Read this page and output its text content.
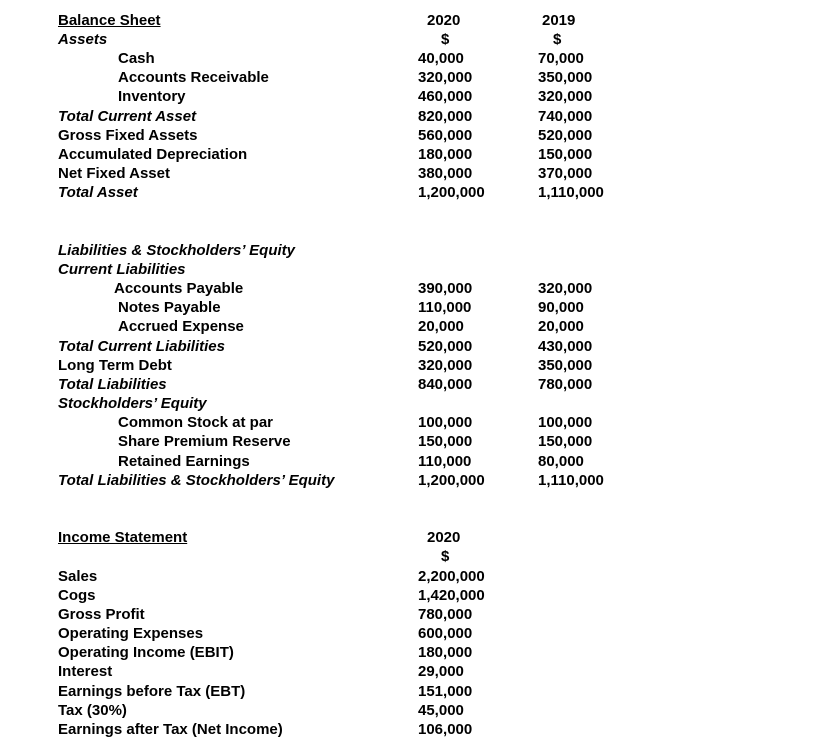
Balance Sheet	2020	2019
Assets	$	$
Cash	40,000	70,000
Accounts Receivable	320,000	350,000
Inventory	460,000	320,000
Total Current Asset	820,000	740,000
Gross Fixed Assets	560,000	520,000
Accumulated Depreciation	180,000	150,000
Net Fixed Asset	380,000	370,000
Total Asset	1,200,000	1,110,000
Liabilities & Stockholders’ Equity
Current Liabilities
Accounts Payable	390,000	320,000
Notes Payable	110,000	90,000
Accrued Expense	20,000	20,000
Total Current Liabilities	520,000	430,000
Long Term Debt	320,000	350,000
Total Liabilities	840,000	780,000
Stockholders’ Equity
Common Stock at par	100,000	100,000
Share Premium Reserve	150,000	150,000
Retained Earnings	110,000	80,000
Total Liabilities & Stockholders’ Equity	1,200,000	1,110,000
Income Statement	2020
$
Sales	2,200,000
Cogs	1,420,000
Gross Profit	780,000
Operating Expenses	600,000
Operating Income (EBIT)	180,000
Interest	29,000
Earnings before Tax (EBT)	151,000
Tax (30%)	45,000
Earnings after Tax (Net Income)	106,000
